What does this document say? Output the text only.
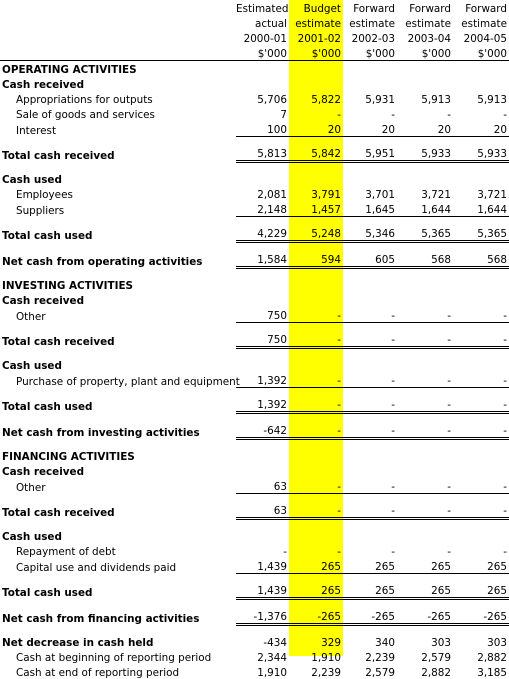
	Estimated	Budget	Forward	Forward	Forward
	actual	estimate	estimate	estimate	estimate
	2000-01	2001-02	2002-03	2003-04	2004-05
	$'000	$'000	$'000	$'000	$'000
OPERATING ACTIVITIES					
Cash received					
Appropriations for outputs	5,706	5,822	5,931	5,913	5,913
Sale of goods and services	7	-	-	-	-
Interest	100	20	20	20	20
Total cash received	5,813	5,842	5,951	5,933	5,933
Cash used					
Employees	2,081	3,791	3,701	3,721	3,721
Suppliers	2,148	1,457	1,645	1,644	1,644
Total cash used	4,229	5,248	5,346	5,365	5,365
Net cash from operating activities	1,584	594	605	568	568
INVESTING ACTIVITIES					
Cash received					
Other	750	-	-	-	-
Total cash received	750	-	-	-	-
Cash used					
Purchase of property, plant and equipment	1,392	-	-	-	-
Total cash used	1,392	-	-	-	-
Net cash from investing activities	-642	-	-	-	-
FINANCING ACTIVITIES					
Cash received					
Other	63	-	-	-	-
Total cash received	63	-	-	-	-
Cash used					
Repayment of debt	-	-	-	-	-
Capital use and dividends paid	1,439	265	265	265	265
Total cash used	1,439	265	265	265	265
Net cash from financing activities	-1,376	-265	-265	-265	-265
Net decrease in cash held	-434	329	340	303	303
Cash at beginning of reporting period	2,344	1,910	2,239	2,579	2,882
Cash at end of reporting period	1,910	2,239	2,579	2,882	3,185
